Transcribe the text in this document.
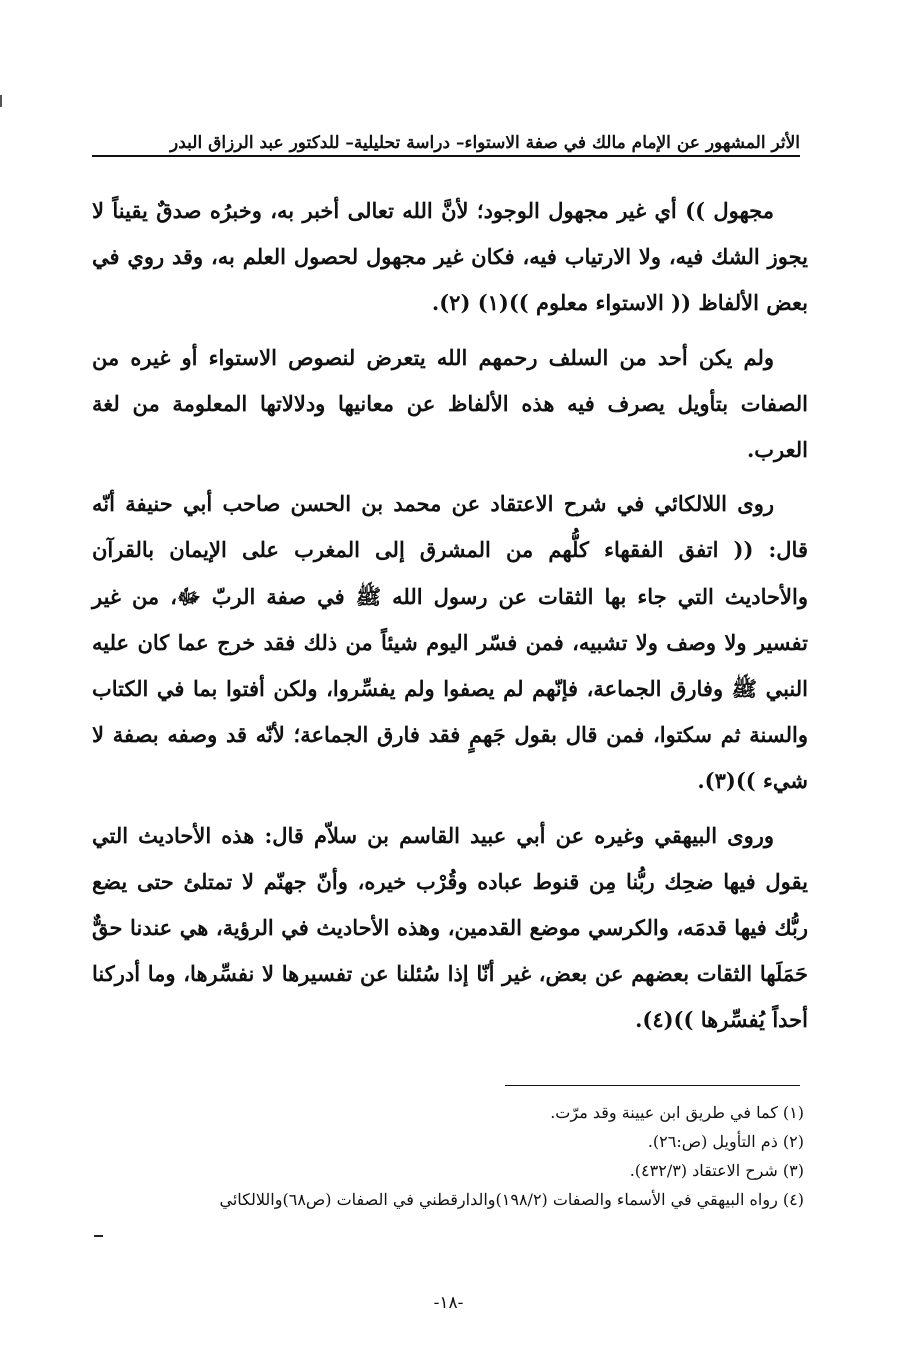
الأثر المشهور عن الإمام مالك في صفة الاستواء– دراسة تحليلية– للدكتور عبد الرزاق البدر

مجهول )) أي غير مجهول الوجود؛ لأنَّ الله تعالى أخبر به، وخبرُه صدقٌ يقيناً لا يجوز الشك فيه، ولا الارتياب فيه، فكان غير مجهول لحصول العلم به، وقد روي في بعض الألفاظ (( الاستواء معلوم ))(١) (٢).

ولم يكن أحد من السلف رحمهم الله يتعرض لنصوص الاستواء أو غيره من الصفات بتأويل يصرف فيه هذه الألفاظ عن معانيها ودلالاتها المعلومة من لغة العرب.

روى اللالكائي في شرح الاعتقاد عن محمد بن الحسن صاحب أبي حنيفة أنّه قال: (( اتفق الفقهاء كلُّهم من المشرق إلى المغرب على الإيمان بالقرآن والأحاديث التي جاء بها الثقات عن رسول الله ﷺ في صفة الربّ ﷻ، من غير تفسير ولا وصف ولا تشبيه، فمن فسّر اليوم شيئاً من ذلك فقد خرج عما كان عليه النبي ﷺ وفارق الجماعة، فإنّهم لم يصفوا ولم يفسِّروا، ولكن أفتوا بما في الكتاب والسنة ثم سكتوا، فمن قال بقول جَهمٍ فقد فارق الجماعة؛ لأنّه قد وصفه بصفة لا شيء ))(٣).

وروى البيهقي وغيره عن أبي عبيد القاسم بن سلاّم قال: هذه الأحاديث التي يقول فيها ضحِك ربُّنا مِن قنوط عباده وقُرْب خيره، وأنّ جهنّم لا تمتلئ حتى يضع ربُّك فيها قدمَه، والكرسي موضع القدمين، وهذه الأحاديث في الرؤية، هي عندنا حقٌّ حَمَلَها الثقات بعضهم عن بعض، غير أنّا إذا سُئلنا عن تفسيرها لا نفسِّرها، وما أدركنا أحداً يُفسِّرها ))(٤).

(١) كما في طريق ابن عيينة وقد مرّت.
(٢) ذم التأويل (ص:٢٦).
(٣) شرح الاعتقاد (٤٣٢/٣).
(٤) رواه البيهقي في الأسماء والصفات (١٩٨/٢)والدارقطني في الصفات (ص٦٨)واللالكائي
-١٨-
